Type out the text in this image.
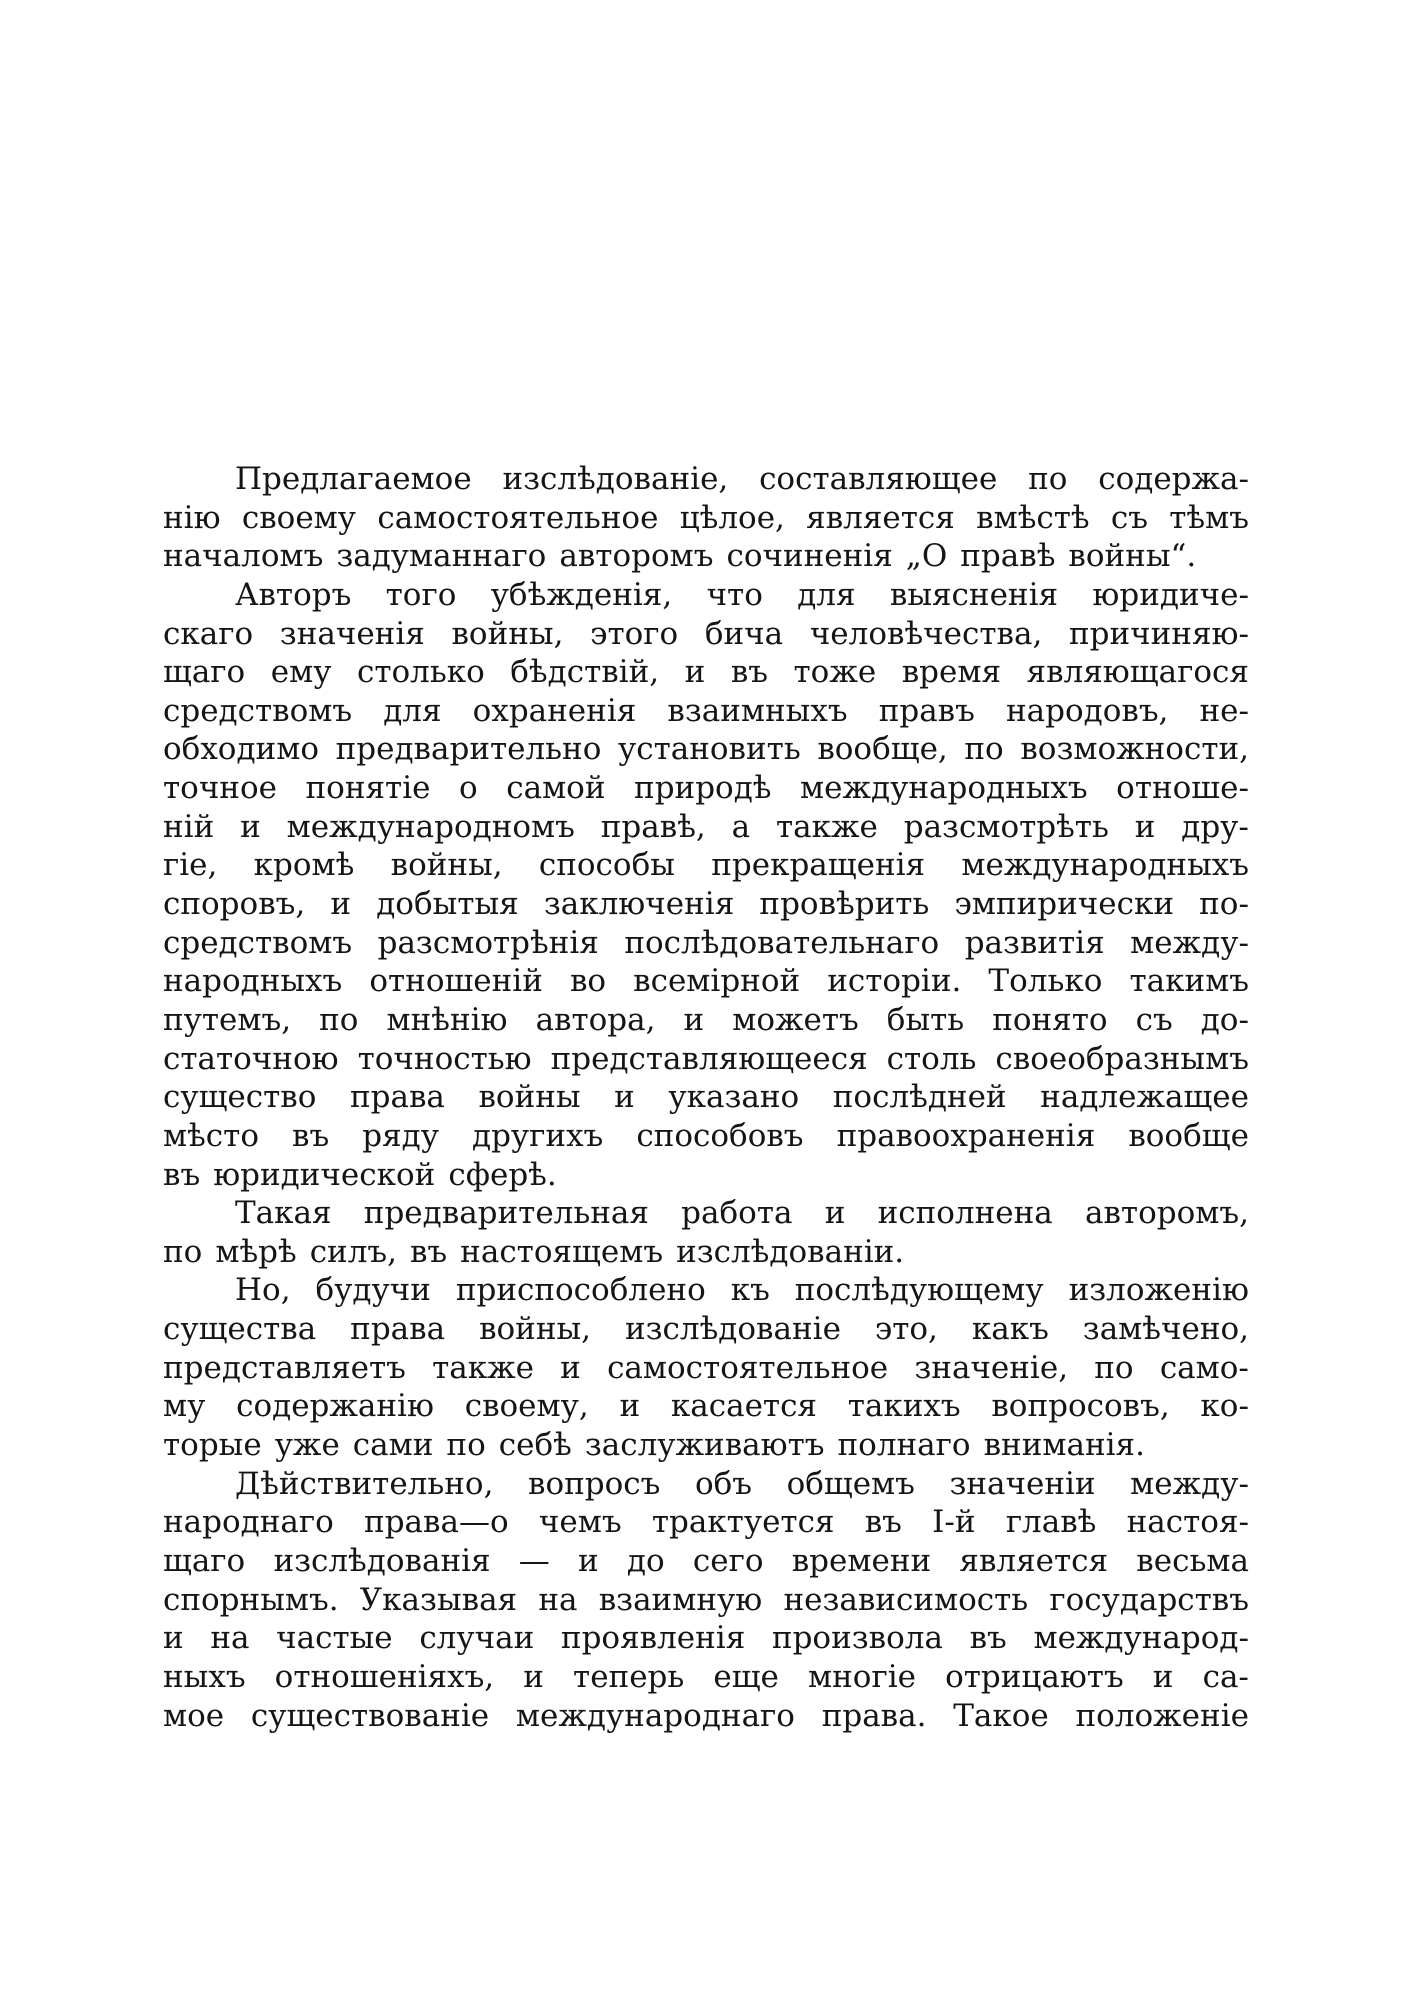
Предлагаемое изслѣдованіе, составляющее по содержа-
нію своему самостоятельное цѣлое, является вмѣстѣ съ тѣмъ
началомъ задуманнаго авторомъ сочиненія „О правѣ войны“.
Авторъ того убѣжденія, что для выясненія юридиче-
скаго значенія войны, этого бича человѣчества, причиняю-
щаго ему столько бѣдствій, и въ тоже время являющагося
средствомъ для охраненія взаимныхъ правъ народовъ, не-
обходимо предварительно установить вообще, по возможности,
точное понятіе о самой природѣ международныхъ отноше-
ній и международномъ правѣ, а также разсмотрѣть и дру-
гіе, кромѣ войны, способы прекращенія международныхъ
споровъ, и добытыя заключенія провѣрить эмпирически по-
средствомъ разсмотрѣнія послѣдовательнаго развитія между-
народныхъ отношеній во всемірной исторіи. Только такимъ
путемъ, по мнѣнію автора, и можетъ быть понято съ до-
статочною точностью представляющееся столь своеобразнымъ
существо права войны и указано послѣдней надлежащее
мѣсто въ ряду другихъ способовъ правоохраненія вообще
въ юридической сферѣ.
Такая предварительная работа и исполнена авторомъ,
по мѣрѣ силъ, въ настоящемъ изслѣдованіи.
Но, будучи приспособлено къ послѣдующему изложенію
существа права войны, изслѣдованіе это, какъ замѣчено,
представляетъ также и самостоятельное значеніе, по само-
му содержанію своему, и касается такихъ вопросовъ, ко-
торые уже сами по себѣ заслуживаютъ полнаго вниманія.
Дѣйствительно, вопросъ объ общемъ значеніи между-
народнаго права—о чемъ трактуется въ І-й главѣ настоя-
щаго изслѣдованія — и до сего времени является весьма
спорнымъ. Указывая на взаимную независимость государствъ
и на частые случаи проявленія произвола въ международ-
ныхъ отношеніяхъ, и теперь еще многіе отрицаютъ и са-
мое существованіе международнаго права. Такое положеніе
